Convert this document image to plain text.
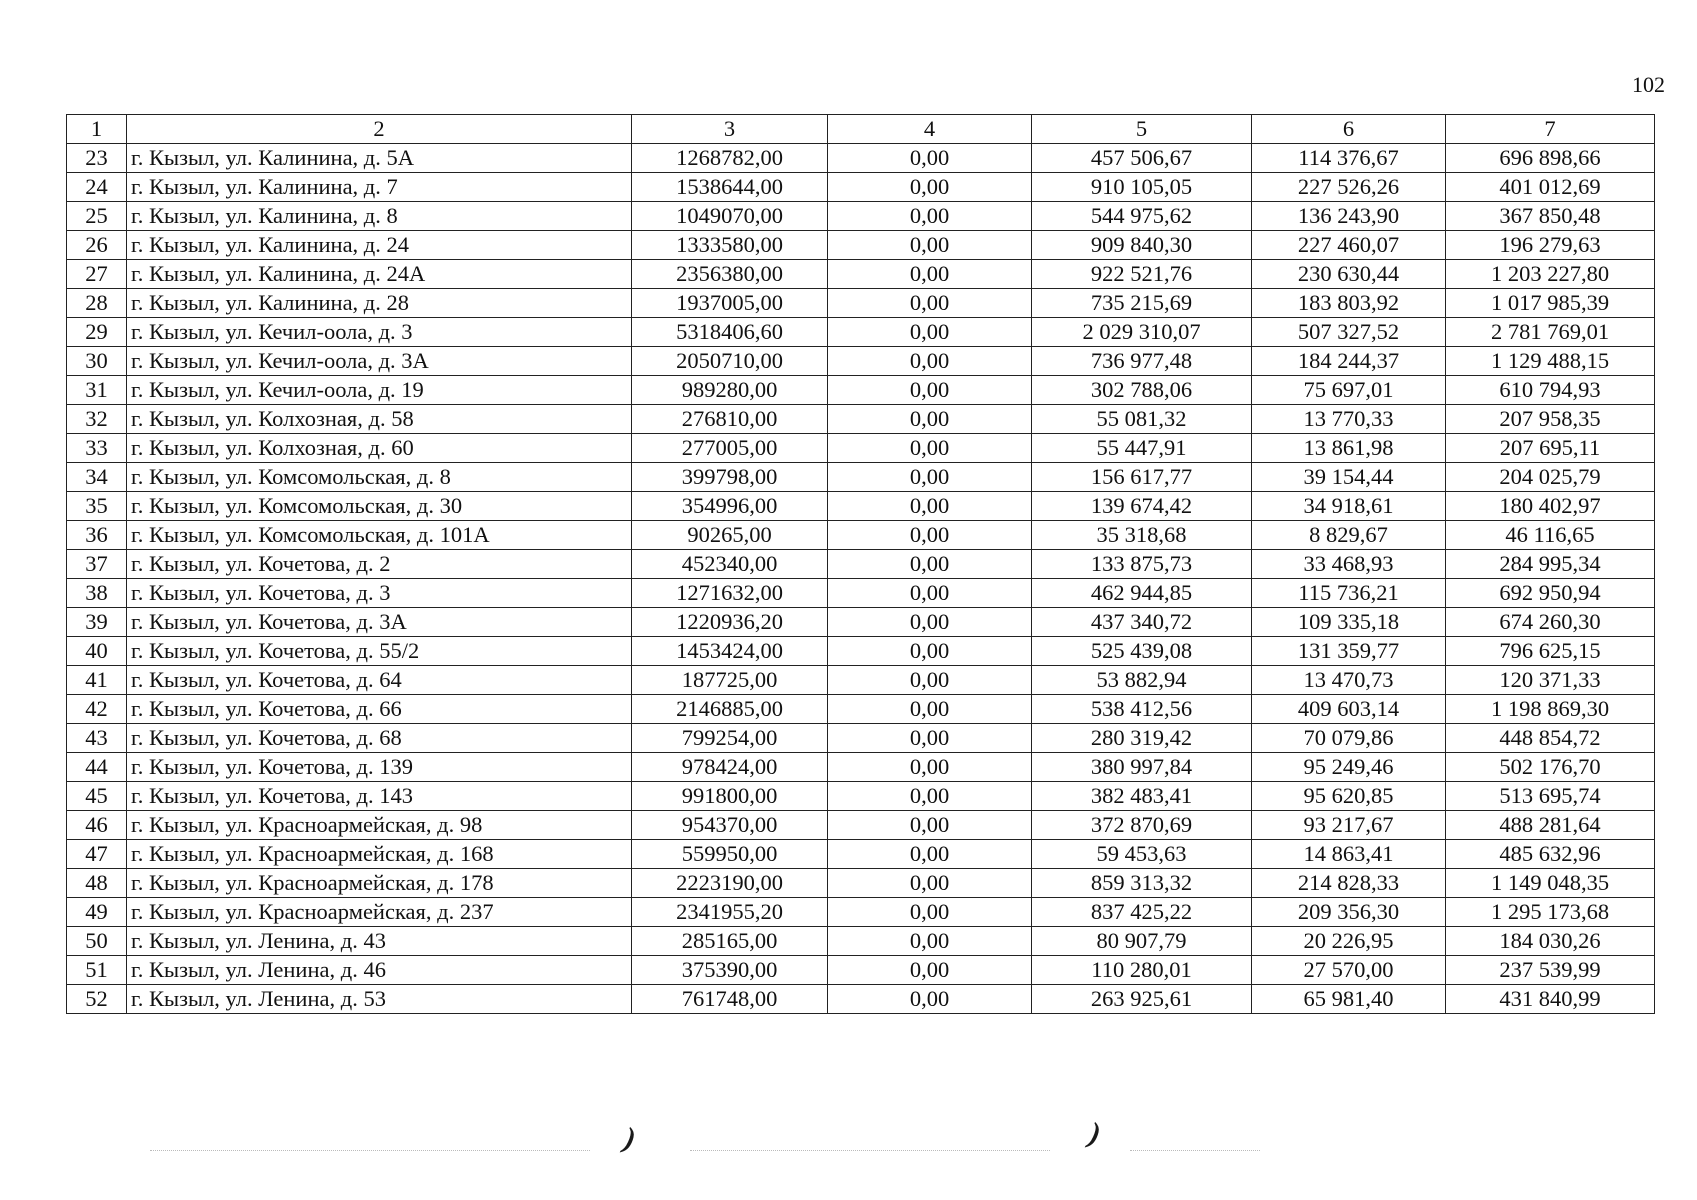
102
1	2	3	4	5	6	7
23	г. Кызыл, ул. Калинина, д. 5А	1268782,00	0,00	457 506,67	114 376,67	696 898,66
24	г. Кызыл, ул. Калинина, д. 7	1538644,00	0,00	910 105,05	227 526,26	401 012,69
25	г. Кызыл, ул. Калинина, д. 8	1049070,00	0,00	544 975,62	136 243,90	367 850,48
26	г. Кызыл, ул. Калинина, д. 24	1333580,00	0,00	909 840,30	227 460,07	196 279,63
27	г. Кызыл, ул. Калинина, д. 24А	2356380,00	0,00	922 521,76	230 630,44	1 203 227,80
28	г. Кызыл, ул. Калинина, д. 28	1937005,00	0,00	735 215,69	183 803,92	1 017 985,39
29	г. Кызыл, ул. Кечил-оола, д. 3	5318406,60	0,00	2 029 310,07	507 327,52	2 781 769,01
30	г. Кызыл, ул. Кечил-оола, д. 3А	2050710,00	0,00	736 977,48	184 244,37	1 129 488,15
31	г. Кызыл, ул. Кечил-оола, д. 19	989280,00	0,00	302 788,06	75 697,01	610 794,93
32	г. Кызыл, ул. Колхозная, д. 58	276810,00	0,00	55 081,32	13 770,33	207 958,35
33	г. Кызыл, ул. Колхозная, д. 60	277005,00	0,00	55 447,91	13 861,98	207 695,11
34	г. Кызыл, ул. Комсомольская, д. 8	399798,00	0,00	156 617,77	39 154,44	204 025,79
35	г. Кызыл, ул. Комсомольская, д. 30	354996,00	0,00	139 674,42	34 918,61	180 402,97
36	г. Кызыл, ул. Комсомольская, д. 101А	90265,00	0,00	35 318,68	8 829,67	46 116,65
37	г. Кызыл, ул. Кочетова, д. 2	452340,00	0,00	133 875,73	33 468,93	284 995,34
38	г. Кызыл, ул. Кочетова, д. 3	1271632,00	0,00	462 944,85	115 736,21	692 950,94
39	г. Кызыл, ул. Кочетова, д. 3А	1220936,20	0,00	437 340,72	109 335,18	674 260,30
40	г. Кызыл, ул. Кочетова, д. 55/2	1453424,00	0,00	525 439,08	131 359,77	796 625,15
41	г. Кызыл, ул. Кочетова, д. 64	187725,00	0,00	53 882,94	13 470,73	120 371,33
42	г. Кызыл, ул. Кочетова, д. 66	2146885,00	0,00	538 412,56	409 603,14	1 198 869,30
43	г. Кызыл, ул. Кочетова, д. 68	799254,00	0,00	280 319,42	70 079,86	448 854,72
44	г. Кызыл, ул. Кочетова, д. 139	978424,00	0,00	380 997,84	95 249,46	502 176,70
45	г. Кызыл, ул. Кочетова, д. 143	991800,00	0,00	382 483,41	95 620,85	513 695,74
46	г. Кызыл, ул. Красноармейская, д. 98	954370,00	0,00	372 870,69	93 217,67	488 281,64
47	г. Кызыл, ул. Красноармейская, д. 168	559950,00	0,00	59 453,63	14 863,41	485 632,96
48	г. Кызыл, ул. Красноармейская, д. 178	2223190,00	0,00	859 313,32	214 828,33	1 149 048,35
49	г. Кызыл, ул. Красноармейская, д. 237	2341955,20	0,00	837 425,22	209 356,30	1 295 173,68
50	г. Кызыл, ул. Ленина, д. 43	285165,00	0,00	80 907,79	20 226,95	184 030,26
51	г. Кызыл, ул. Ленина, д. 46	375390,00	0,00	110 280,01	27 570,00	237 539,99
52	г. Кызыл, ул. Ленина, д. 53	761748,00	0,00	263 925,61	65 981,40	431 840,99
)	)
